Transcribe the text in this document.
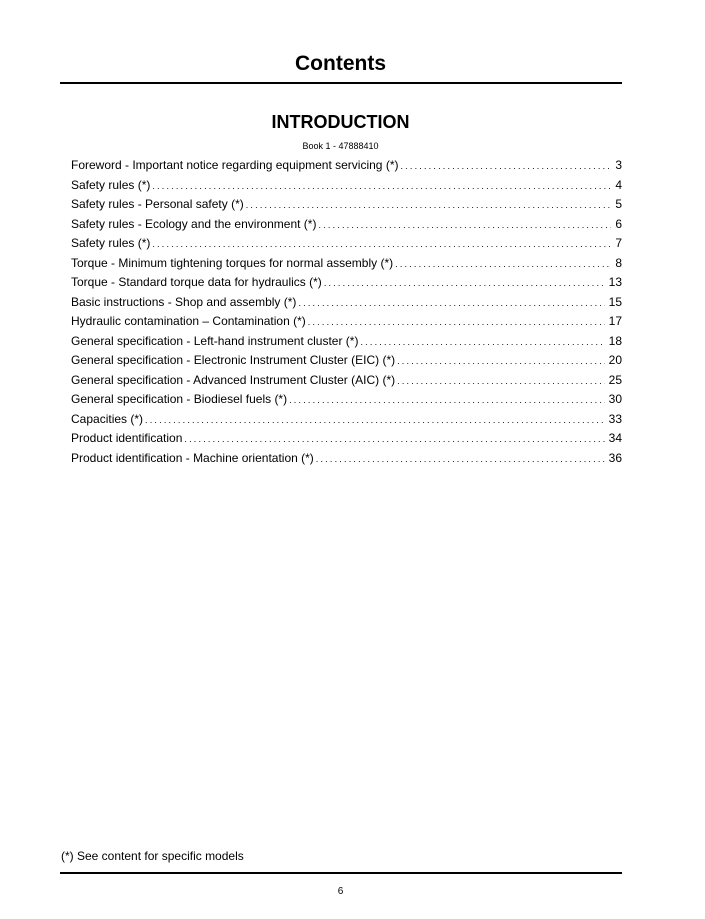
Contents
INTRODUCTION
Book 1 - 47888410
Foreword - Important notice regarding equipment servicing (*) .....	3
Safety rules (*) .....	4
Safety rules - Personal safety (*) .....	5
Safety rules - Ecology and the environment (*) .....	6
Safety rules (*) .....	7
Torque - Minimum tightening torques for normal assembly (*) .....	8
Torque - Standard torque data for hydraulics (*) .....	13
Basic instructions - Shop and assembly (*) .....	15
Hydraulic contamination – Contamination (*) .....	17
General specification - Left-hand instrument cluster (*) .....	18
General specification - Electronic Instrument Cluster (EIC) (*) .....	20
General specification - Advanced Instrument Cluster (AIC) (*) .....	25
General specification - Biodiesel fuels (*) .....	30
Capacities (*) .....	33
Product identification .....	34
Product identification - Machine orientation (*) .....	36
(*) See content for specific models
6
